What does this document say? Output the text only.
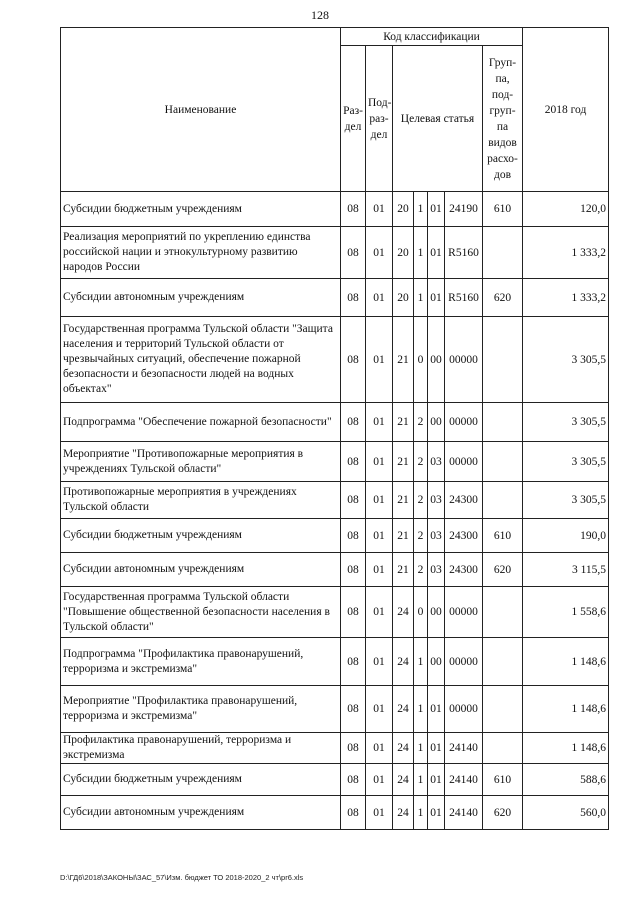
128
Наименование	Код классификации							2018 год
	Раз-дел	Под-раз-дел	Целевая статья				Груп-па, под-груп-па видов расхо-дов	
Субсидии бюджетным учреждениям	08	01	20	1	01	24190	610	120,0
Реализация мероприятий по укреплению единства российской нации и этнокультурному развитию народов России	08	01	20	1	01	R5160		1 333,2
Субсидии автономным учреждениям	08	01	20	1	01	R5160	620	1 333,2
Государственная программа Тульской области "Защита населения и территорий Тульской области от чрезвычайных ситуаций, обеспечение пожарной безопасности и безопасности людей на водных объектах"	08	01	21	0	00	00000		3 305,5
Подпрограмма "Обеспечение пожарной безопасности"	08	01	21	2	00	00000		3 305,5
Мероприятие "Противопожарные мероприятия в учреждениях Тульской области"	08	01	21	2	03	00000		3 305,5
Противопожарные мероприятия в учреждениях Тульской области	08	01	21	2	03	24300		3 305,5
Субсидии бюджетным учреждениям	08	01	21	2	03	24300	610	190,0
Субсидии автономным учреждениям	08	01	21	2	03	24300	620	3 115,5
Государственная программа Тульской области "Повышение общественной безопасности населения в Тульской области"	08	01	24	0	00	00000		1 558,6
Подпрограмма "Профилактика правонарушений, терроризма и экстремизма"	08	01	24	1	00	00000		1 148,6
Мероприятие "Профилактика правонарушений, терроризма и экстремизма"	08	01	24	1	01	00000		1 148,6
Профилактика правонарушений, терроризма и экстремизма	08	01	24	1	01	24140		1 148,6
Субсидии бюджетным учреждениям	08	01	24	1	01	24140	610	588,6
Субсидии автономным учреждениям	08	01	24	1	01	24140	620	560,0
D:\ГД6\2018\ЗАКОНЫ\ЗАС_57\Изм. бюджет ТО 2018-2020_2 чт\pr6.xls
